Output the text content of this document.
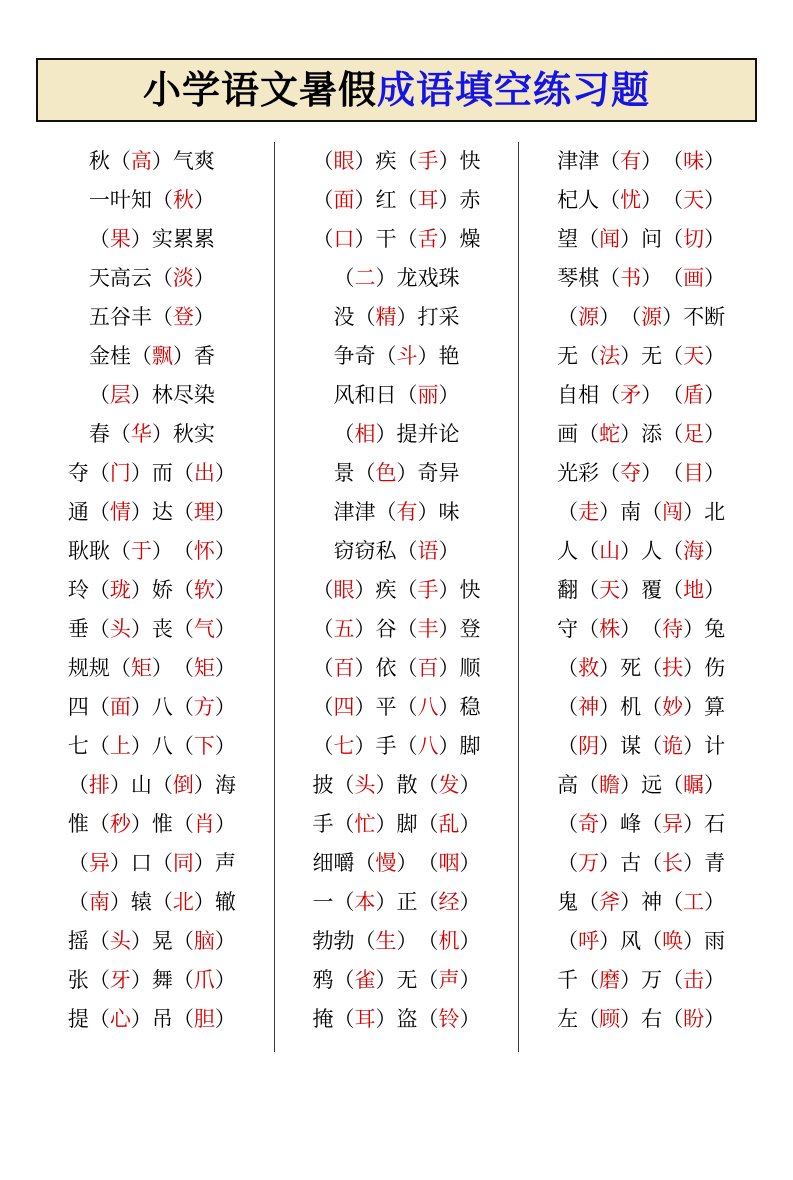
小学语文暑假成语填空练习题
秋 （ 高 ） 气爽
一叶知 （ 秋 ）
（ 果 ） 实累累
天高云 （ 淡 ）
五谷丰 （ 登 ）
金桂 （ 飘 ） 香
（ 层 ） 林尽染
春 （ 华 ） 秋实
夺 （ 门 ） 而 （ 出 ）
通 （ 情 ） 达 （ 理 ）
耿耿 （ 于 ） （ 怀 ）
玲 （ 珑 ） 娇 （ 软 ）
垂 （ 头 ） 丧 （ 气 ）
规规 （ 矩 ） （ 矩 ）
四 （ 面 ） 八 （ 方 ）
七 （ 上 ） 八 （ 下 ）
（ 排 ） 山 （ 倒 ） 海
惟 （ 秒 ） 惟 （ 肖 ）
（ 异 ） 口 （ 同 ） 声
（ 南 ） 辕 （ 北 ） 辙
摇 （ 头 ） 晃 （ 脑 ）
张 （ 牙 ） 舞 （ 爪 ）
提 （ 心 ） 吊 （ 胆 ）
（ 眼 ） 疾 （ 手 ） 快
（ 面 ） 红 （ 耳 ） 赤
（ 口 ） 干 （ 舌 ） 燥
（ 二 ） 龙戏珠
没 （ 精 ） 打采
争奇 （ 斗 ） 艳
风和日 （ 丽 ）
（ 相 ） 提并论
景 （ 色 ） 奇异
津津 （ 有 ） 味
窃窃私 （ 语 ）
（ 眼 ） 疾 （ 手 ） 快
（ 五 ） 谷 （ 丰 ） 登
（ 百 ） 依 （ 百 ） 顺
（ 四 ） 平 （ 八 ） 稳
（ 七 ） 手 （ 八 ） 脚
披 （ 头 ） 散 （ 发 ）
手 （ 忙 ） 脚 （ 乱 ）
细嚼 （ 慢 ） （ 咽 ）
一 （ 本 ） 正 （ 经 ）
勃勃 （ 生 ） （ 机 ）
鸦 （ 雀 ） 无 （ 声 ）
掩 （ 耳 ） 盗 （ 铃 ）
津津 （ 有 ） （ 味 ）
杞人 （ 忧 ） （ 天 ）
望 （ 闻 ） 问 （ 切 ）
琴棋 （ 书 ） （ 画 ）
（ 源 ） （ 源 ） 不断
无 （ 法 ） 无 （ 天 ）
自相 （ 矛 ） （ 盾 ）
画 （ 蛇 ） 添 （ 足 ）
光彩 （ 夺 ） （ 目 ）
（ 走 ） 南 （ 闯 ） 北
人 （ 山 ） 人 （ 海 ）
翻 （ 天 ） 覆 （ 地 ）
守 （ 株 ） （ 待 ） 兔
（ 救 ） 死 （ 扶 ） 伤
（ 神 ） 机 （ 妙 ） 算
（ 阴 ） 谋 （ 诡 ） 计
高 （ 瞻 ） 远 （ 瞩 ）
（ 奇 ） 峰 （ 异 ） 石
（ 万 ） 古 （ 长 ） 青
鬼 （ 斧 ） 神 （ 工 ）
（ 呼 ） 风 （ 唤 ） 雨
千 （ 磨 ） 万 （ 击 ）
左 （ 顾 ） 右 （ 盼 ）
